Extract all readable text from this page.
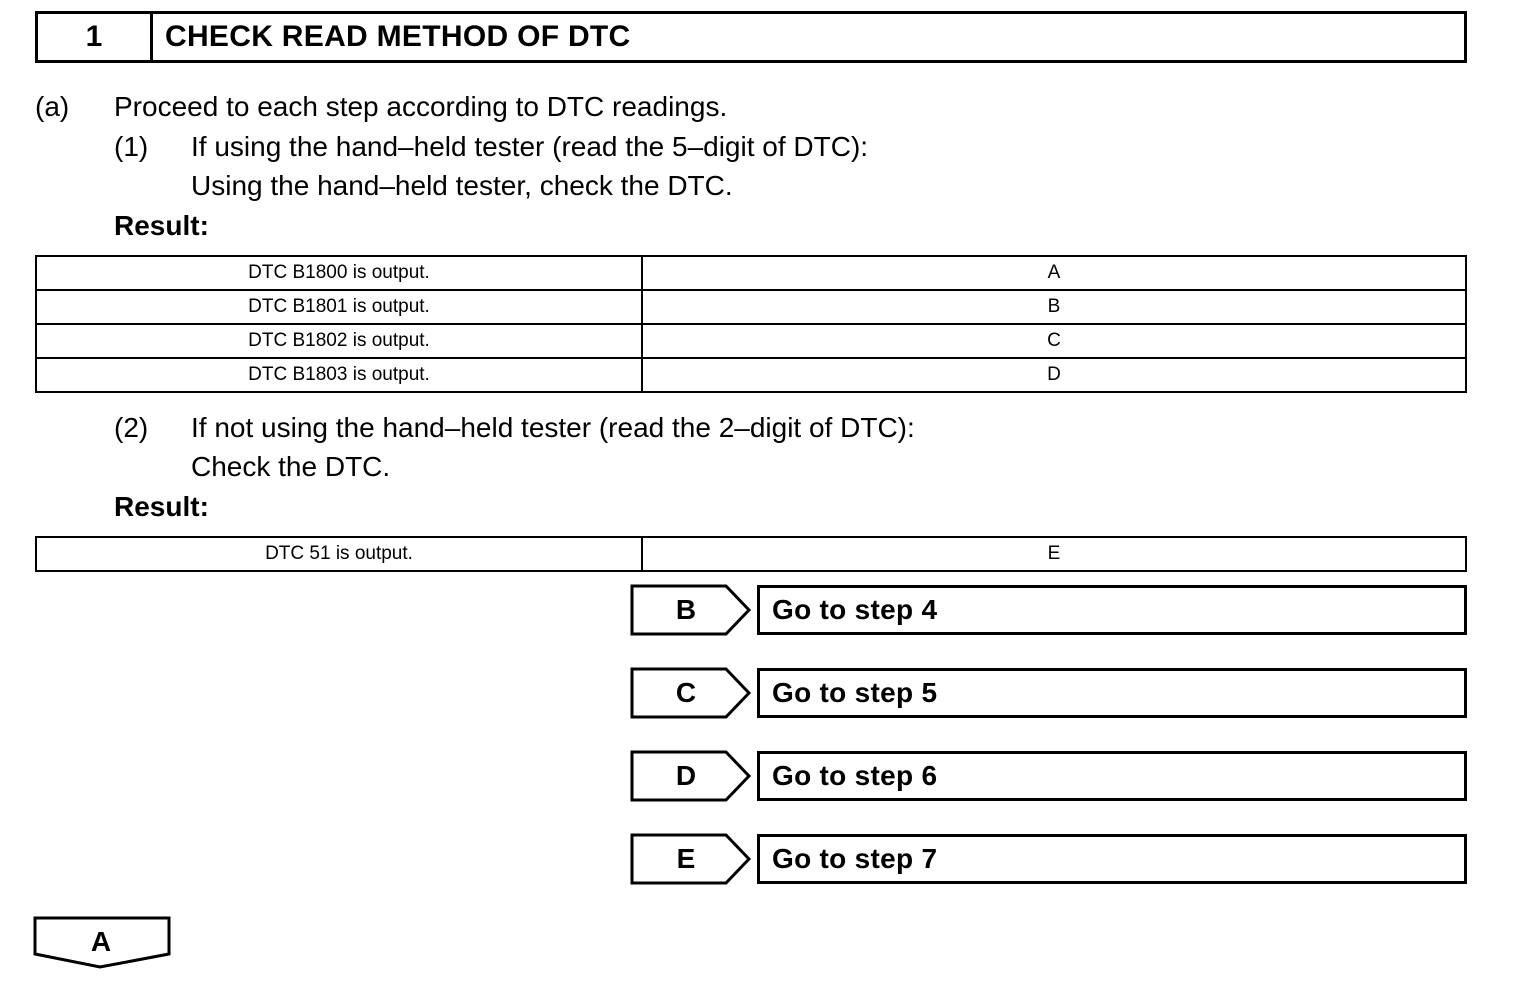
1	CHECK READ METHOD OF DTC
(a) Proceed to each step according to DTC readings.
(1) If using the hand–held tester (read the 5–digit of DTC):
Using the hand–held tester, check the DTC.
Result:
DTC B1800 is output.	A
DTC B1801 is output.	B
DTC B1802 is output.	C
DTC B1803 is output.	D
(2) If not using the hand–held tester (read the 2–digit of DTC):
Check the DTC.
Result:
DTC 51 is output.	E
B	Go to step 4
C	Go to step 5
D	Go to step 6
E	Go to step 7
A
